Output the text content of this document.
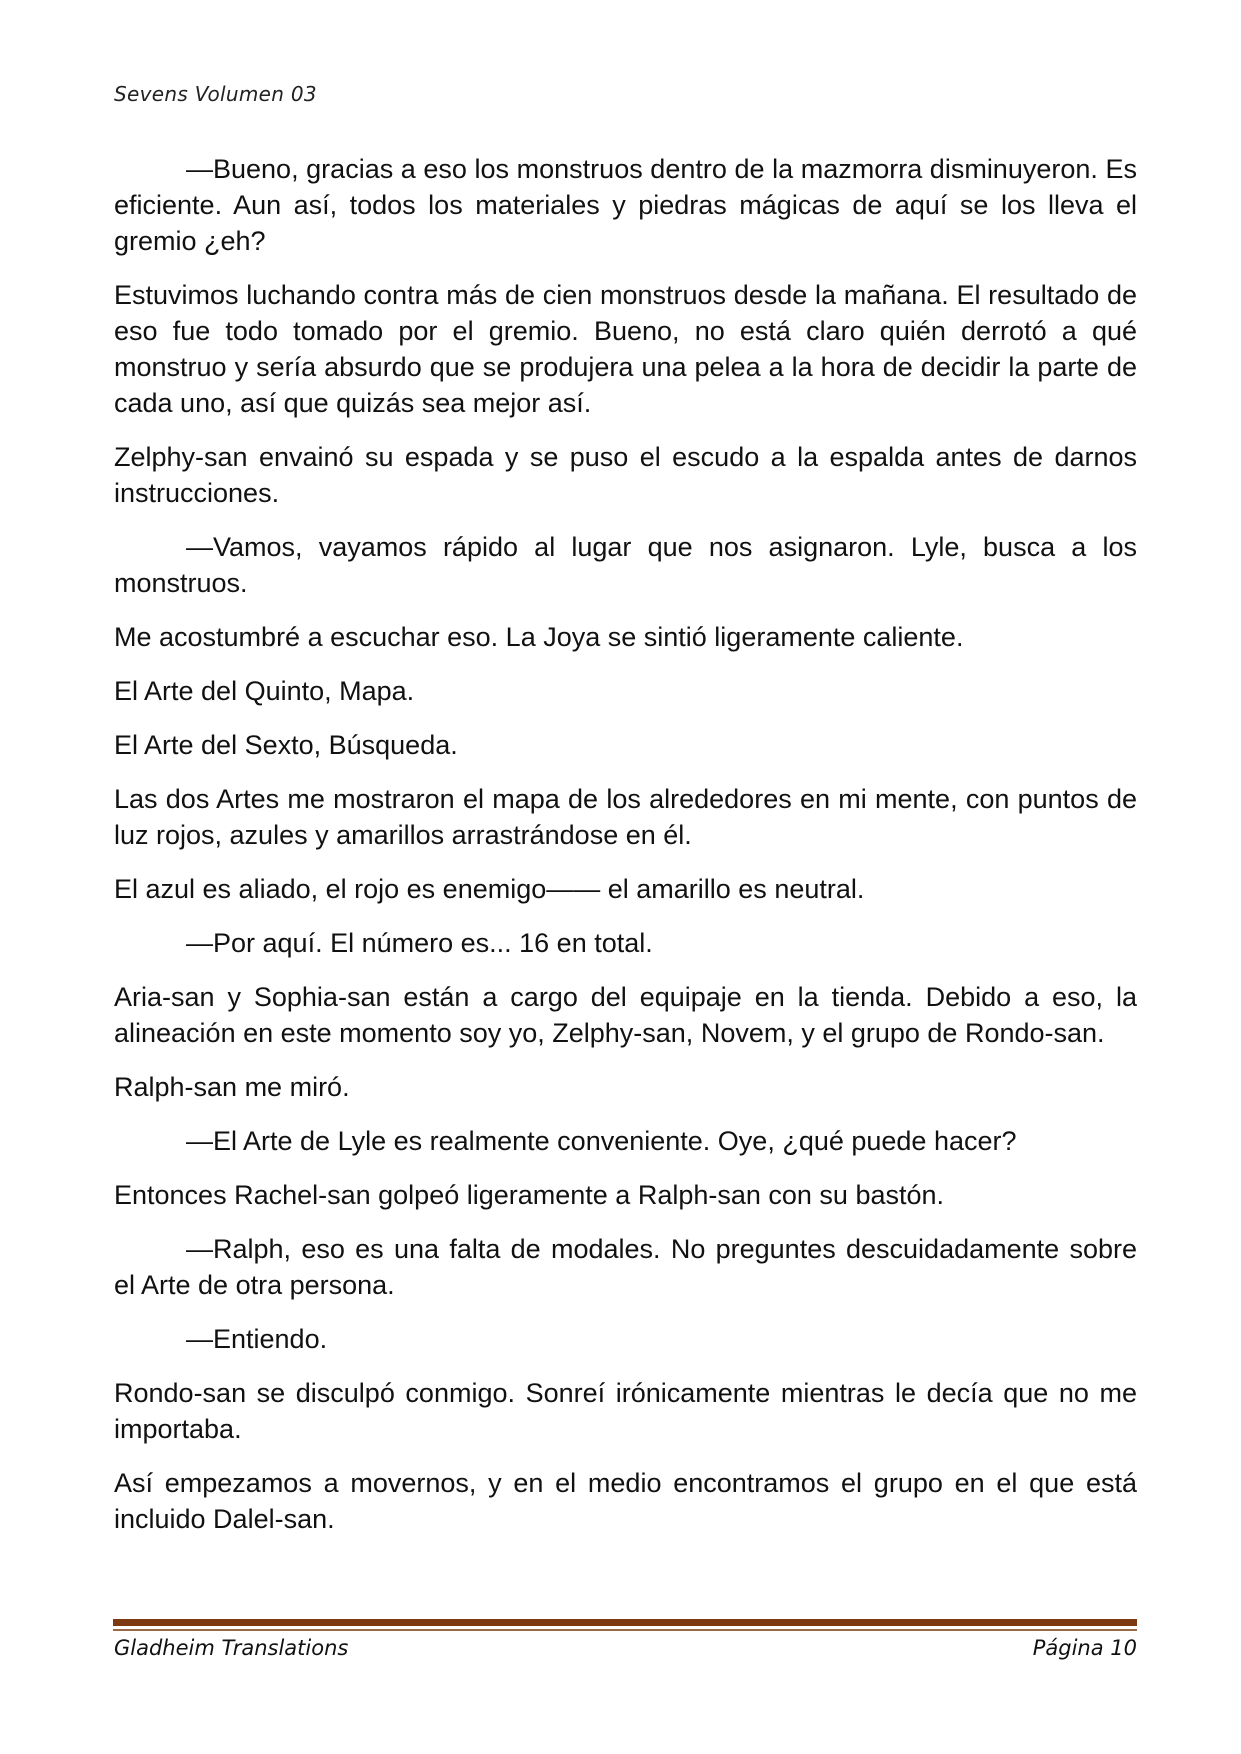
Sevens Volumen 03

—Bueno, gracias a eso los monstruos dentro de la mazmorra disminuyeron. Es eficiente. Aun así, todos los materiales y piedras mágicas de aquí se los lleva el gremio ¿eh?

Estuvimos luchando contra más de cien monstruos desde la mañana. El resultado de eso fue todo tomado por el gremio. Bueno, no está claro quién derrotó a qué monstruo y sería absurdo que se produjera una pelea a la hora de decidir la parte de cada uno, así que quizás sea mejor así.

Zelphy-san envainó su espada y se puso el escudo a la espalda antes de darnos instrucciones.

—Vamos, vayamos rápido al lugar que nos asignaron. Lyle, busca a los monstruos.

Me acostumbré a escuchar eso. La Joya se sintió ligeramente caliente.

El Arte del Quinto, Mapa.

El Arte del Sexto, Búsqueda.

Las dos Artes me mostraron el mapa de los alrededores en mi mente, con puntos de luz rojos, azules y amarillos arrastrándose en él.

El azul es aliado, el rojo es enemigo—— el amarillo es neutral.

—Por aquí. El número es... 16 en total.

Aria-san y Sophia-san están a cargo del equipaje en la tienda. Debido a eso, la alineación en este momento soy yo, Zelphy-san, Novem, y el grupo de Rondo-san.

Ralph-san me miró.

—El Arte de Lyle es realmente conveniente. Oye, ¿qué puede hacer?

Entonces Rachel-san golpeó ligeramente a Ralph-san con su bastón.

—Ralph, eso es una falta de modales. No preguntes descuidadamente sobre el Arte de otra persona.

—Entiendo.

Rondo-san se disculpó conmigo. Sonreí irónicamente mientras le decía que no me importaba.

Así empezamos a movernos, y en el medio encontramos el grupo en el que está incluido Dalel-san.

Gladheim Translations	Página 10
